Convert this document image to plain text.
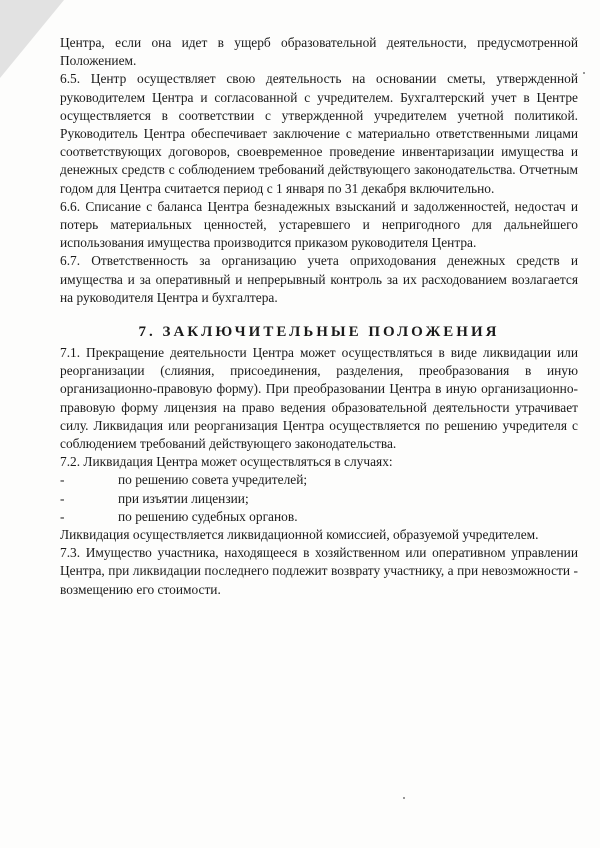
Центра, если она идет в ущерб образовательной деятельности, предусмотренной Положением.

6.5. Центр осуществляет свою деятельность на основании сметы, утвержденной руководителем Центра и согласованной с учредителем. Бухгалтерский учет в Центре осуществляется в соответствии с утвержденной учредителем учетной политикой. Руководитель Центра обеспечивает заключение с материально ответственными лицами соответствующих договоров, своевременное проведение инвентаризации имущества и денежных средств с соблюдением требований действующего законодательства. Отчетным годом для Центра считается период с 1 января по 31 декабря включительно.

6.6. Списание с баланса Центра безнадежных взысканий и задолженностей, недостач и потерь материальных ценностей, устаревшего и непригодного для дальнейшего использования имущества производится приказом руководителя Центра.

6.7. Ответственность за организацию учета оприходования денежных средств и имущества и за оперативный и непрерывный контроль за их расходованием возлагается на руководителя Центра и бухгалтера.

7. ЗАКЛЮЧИТЕЛЬНЫЕ ПОЛОЖЕНИЯ

7.1. Прекращение деятельности Центра может осуществляться в виде ликвидации или реорганизации (слияния, присоединения, разделения, преобразования в иную организационно-правовую форму). При преобразовании Центра в иную организационно-правовую форму лицензия на право ведения образовательной деятельности утрачивает силу. Ликвидация или реорганизация Центра осуществляется по решению учредителя с соблюдением требований действующего законодательства.

7.2. Ликвидация Центра может осуществляться в случаях:

-	по решению совета учредителей;
-	при изъятии лицензии;
-	по решению судебных органов.

Ликвидация осуществляется ликвидационной комиссией, образуемой учредителем.

7.3. Имущество участника, находящееся в хозяйственном или оперативном управлении Центра, при ликвидации последнего подлежит возврату участнику, а при невозможности - возмещению его стоимости.
